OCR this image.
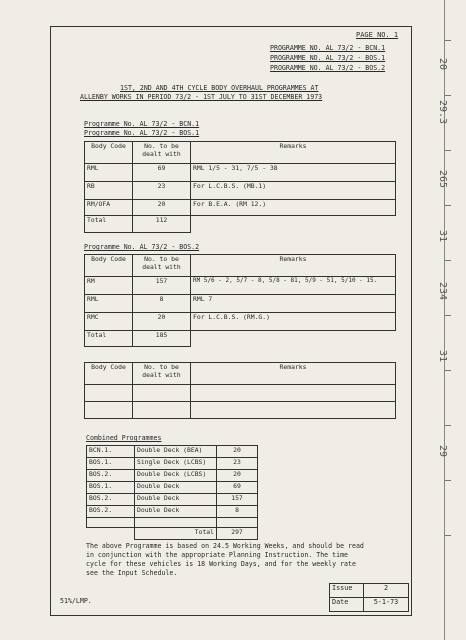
20
29.3
265
31
234
31
29
PAGE NO. 1
PROGRAMME NO. AL 73/2 - BCN.1
PROGRAMME NO. AL 73/2 - BOS.1
PROGRAMME NO. AL 73/2 - BOS.2
1ST, 2ND AND 4TH CYCLE BODY OVERHAUL PROGRAMMES AT
ALLENBY WORKS IN PERIOD 73/2 - 1ST JULY TO 31ST DECEMBER 1973
Programme No. AL 73/2 - BCN.1
Programme No. AL 73/2 - BOS.1
Body Code	No. to be dealt with	Remarks
RML	69	RML 1/5 - 31, 7/5 - 38
RB	23	For L.C.B.S. (MB.1)
RM/OFA	20	For B.E.A. (RM 12.)
Total	112	
Programme No. AL 73/2 - BOS.2
Body Code	No. to be dealt with	Remarks
RM	157	RM 5/6 - 2, 5/7 - 8, 5/8 - 81, 5/9 - 51, 5/10 - 15.
RML	8	RML 7
RMC	20	For L.C.B.S. (RM.G.)
Total	185	
Body Code	No. to be dealt with	Remarks

Combined Programmes
BCN.1.	Double Deck (BEA)	20
BOS.1.	Single Deck (LCBS)	23
BOS.2.	Double Deck (LCBS)	20
BOS.1.	Double Deck	69
BOS.2.	Double Deck	157
BOS.2.	Double Deck	8

	Total	297
The above Programme is based on 24.5 Working Weeks, and should be read
in conjunction with the appropriate Planning Instruction. The time
cycle for these vehicles is 18 Working Days, and for the weekly rate
see the Input Schedule.
51%/LMP.
Issue	2
Date	5-1-73
